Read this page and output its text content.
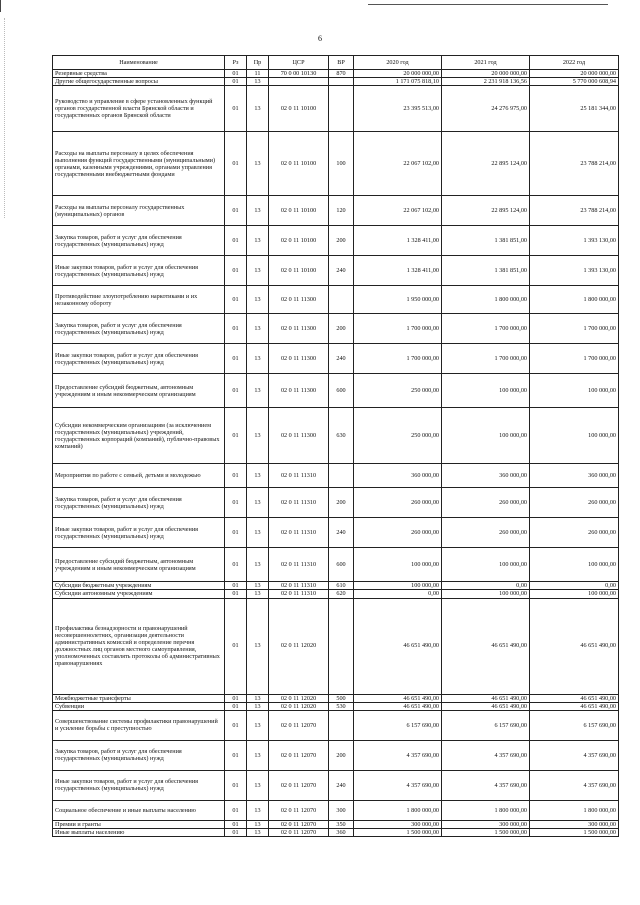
6
Наименование	Рз	Пр	ЦСР	ВР	2020 год	2021 год	2022 год
Резервные средства	01	11	70 0 00 10130	870	20 000 000,00	20 000 000,00	20 000 000,00
Другие общегосударственные вопросы	01	13			1 171 075 818,10	2 231 918 136,56	5 770 000 608,94
Руководство и управление в сфере установленных функций органов государственной власти Брянской области и государственных органов Брянской области	01	13	02 0 11 10100		23 395 513,00	24 276 975,00	25 181 344,00
Расходы на выплаты персоналу в целях обеспечения выполнения функций государственными (муниципальными) органами, казенными учреждениями, органами управления государственными внебюджетными фондами	01	13	02 0 11 10100	100	22 067 102,00	22 895 124,00	23 788 214,00
Расходы на выплаты персоналу государственных (муниципальных) органов	01	13	02 0 11 10100	120	22 067 102,00	22 895 124,00	23 788 214,00
Закупка товаров, работ и услуг для обеспечения государственных (муниципальных) нужд	01	13	02 0 11 10100	200	1 328 411,00	1 381 851,00	1 393 130,00
Иные закупки товаров, работ и услуг для обеспечения государственных (муниципальных) нужд	01	13	02 0 11 10100	240	1 328 411,00	1 381 851,00	1 393 130,00
Противодействие злоупотреблению наркотиками и их незаконному обороту	01	13	02 0 11 11300		1 950 000,00	1 800 000,00	1 800 000,00
Закупка товаров, работ и услуг для обеспечения государственных (муниципальных) нужд	01	13	02 0 11 11300	200	1 700 000,00	1 700 000,00	1 700 000,00
Иные закупки товаров, работ и услуг для обеспечения государственных (муниципальных) нужд	01	13	02 0 11 11300	240	1 700 000,00	1 700 000,00	1 700 000,00
Предоставление субсидий бюджетным, автономным учреждениям и иным некоммерческим организациям	01	13	02 0 11 11300	600	250 000,00	100 000,00	100 000,00
Субсидии некоммерческим организациям (за исключением государственных (муниципальных) учреждений, государственных корпораций (компаний), публично-правовых компаний)	01	13	02 0 11 11300	630	250 000,00	100 000,00	100 000,00
Мероприятия по работе с семьей, детьми и молодежью	01	13	02 0 11 11310		360 000,00	360 000,00	360 000,00
Закупка товаров, работ и услуг для обеспечения государственных (муниципальных) нужд	01	13	02 0 11 11310	200	260 000,00	260 000,00	260 000,00
Иные закупки товаров, работ и услуг для обеспечения государственных (муниципальных) нужд	01	13	02 0 11 11310	240	260 000,00	260 000,00	260 000,00
Предоставление субсидий бюджетным, автономным учреждениям и иным некоммерческим организациям	01	13	02 0 11 11310	600	100 000,00	100 000,00	100 000,00
Субсидии бюджетным учреждениям	01	13	02 0 11 11310	610	100 000,00	0,00	0,00
Субсидии автономным учреждениям	01	13	02 0 11 11310	620	0,00	100 000,00	100 000,00
Профилактика безнадзорности и правонарушений несовершеннолетних, организация деятельности административных комиссий и определение перечня должностных лиц органов местного самоуправления, уполномоченных составлять протоколы об административных правонарушениях	01	13	02 0 11 12020		46 651 490,00	46 651 490,00	46 651 490,00
Межбюджетные трансферты	01	13	02 0 11 12020	500	46 651 490,00	46 651 490,00	46 651 490,00
Субвенции	01	13	02 0 11 12020	530	46 651 490,00	46 651 490,00	46 651 490,00
Совершенствование системы профилактики правонарушений и усиление борьбы с преступностью	01	13	02 0 11 12070		6 157 690,00	6 157 690,00	6 157 690,00
Закупка товаров, работ и услуг для обеспечения государственных (муниципальных) нужд	01	13	02 0 11 12070	200	4 357 690,00	4 357 690,00	4 357 690,00
Иные закупки товаров, работ и услуг для обеспечения государственных (муниципальных) нужд	01	13	02 0 11 12070	240	4 357 690,00	4 357 690,00	4 357 690,00
Социальное обеспечение и иные выплаты населению	01	13	02 0 11 12070	300	1 800 000,00	1 800 000,00	1 800 000,00
Премии и гранты	01	13	02 0 11 12070	350	300 000,00	300 000,00	300 000,00
Иные выплаты населению	01	13	02 0 11 12070	360	1 500 000,00	1 500 000,00	1 500 000,00
